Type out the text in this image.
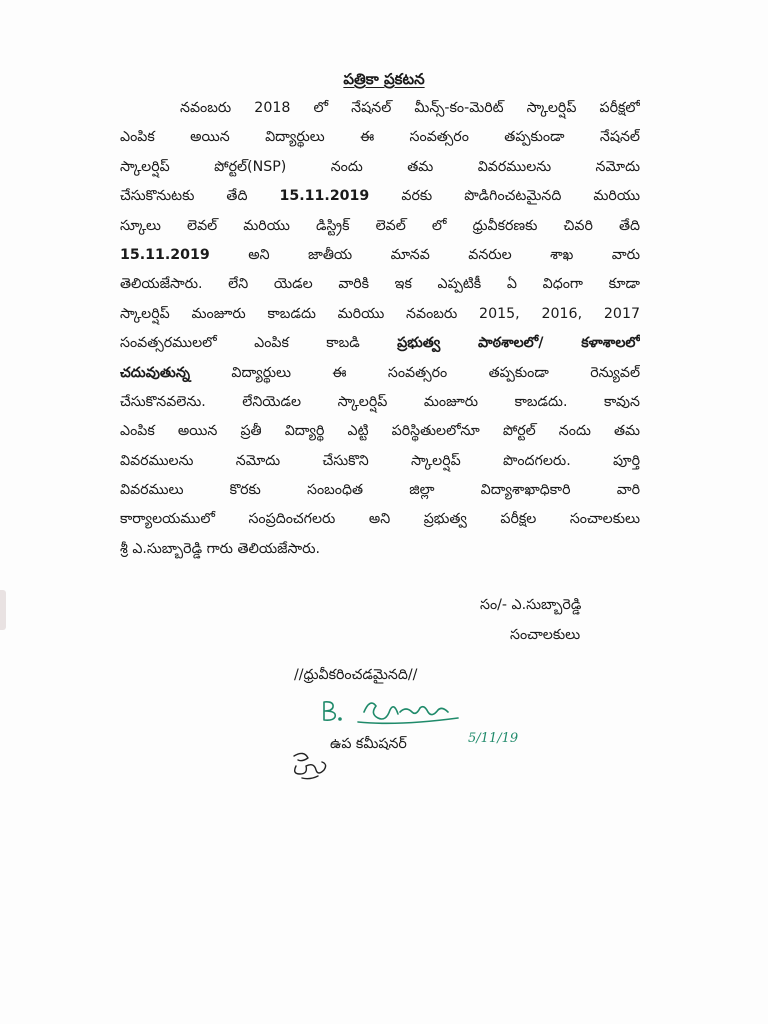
పత్రికా ప్రకటన
నవంబరు 2018 లో నేషనల్ మీన్స్-కం-మెరిట్ స్కాలర్షిప్ పరీక్షలో
ఎంపిక అయిన విద్యార్థులు ఈ సంవత్సరం తప్పకుండా నేషనల్
స్కాలర్షిప్ పోర్టల్(NSP) నందు తమ వివరములను నమోదు
చేసుకొనుటకు తేది 15.11.2019 వరకు పొడిగించటమైనది మరియు
స్కూలు లెవల్ మరియు డిస్ట్రిక్ లెవల్ లో ధ్రువీకరణకు చివరి తేది
15.11.2019 అని జాతీయ మానవ వనరుల శాఖ వారు
తెలియజేసారు. లేని యెడల వారికి ఇక ఎప్పటికీ ఏ విధంగా కూడా
స్కాలర్షిప్ మంజూరు కాబడదు మరియు నవంబరు 2015, 2016, 2017
సంవత్సరములలో ఎంపిక కాబడి ప్రభుత్వ పాఠశాలలో/ కళాశాలలో
చదువుతున్న విద్యార్థులు ఈ సంవత్సరం తప్పకుండా రెన్యువల్
చేసుకొనవలెను. లేనియెడల స్కాలర్షిప్ మంజూరు కాబడదు. కావున
ఎంపిక అయిన ప్రతీ విద్యార్థి ఎట్టి పరిస్థితులలోనూ పోర్టల్ నందు తమ
వివరములను నమోదు చేసుకొని స్కాలర్షిప్ పొందగలరు. పూర్తి
వివరములు కొరకు సంబంధిత జిల్లా విద్యాశాఖాధికారి వారి
కార్యాలయములో సంప్రదించగలరు అని ప్రభుత్వ పరీక్షల సంచాలకులు
శ్రీ ఎ.సుబ్బారెడ్డి గారు తెలియజేసారు.
సం/- ఎ.సుబ్బారెడ్డి
సంచాలకులు
//ధ్రువీకరించడమైనది//
5/11/19
ఉప కమీషనర్
